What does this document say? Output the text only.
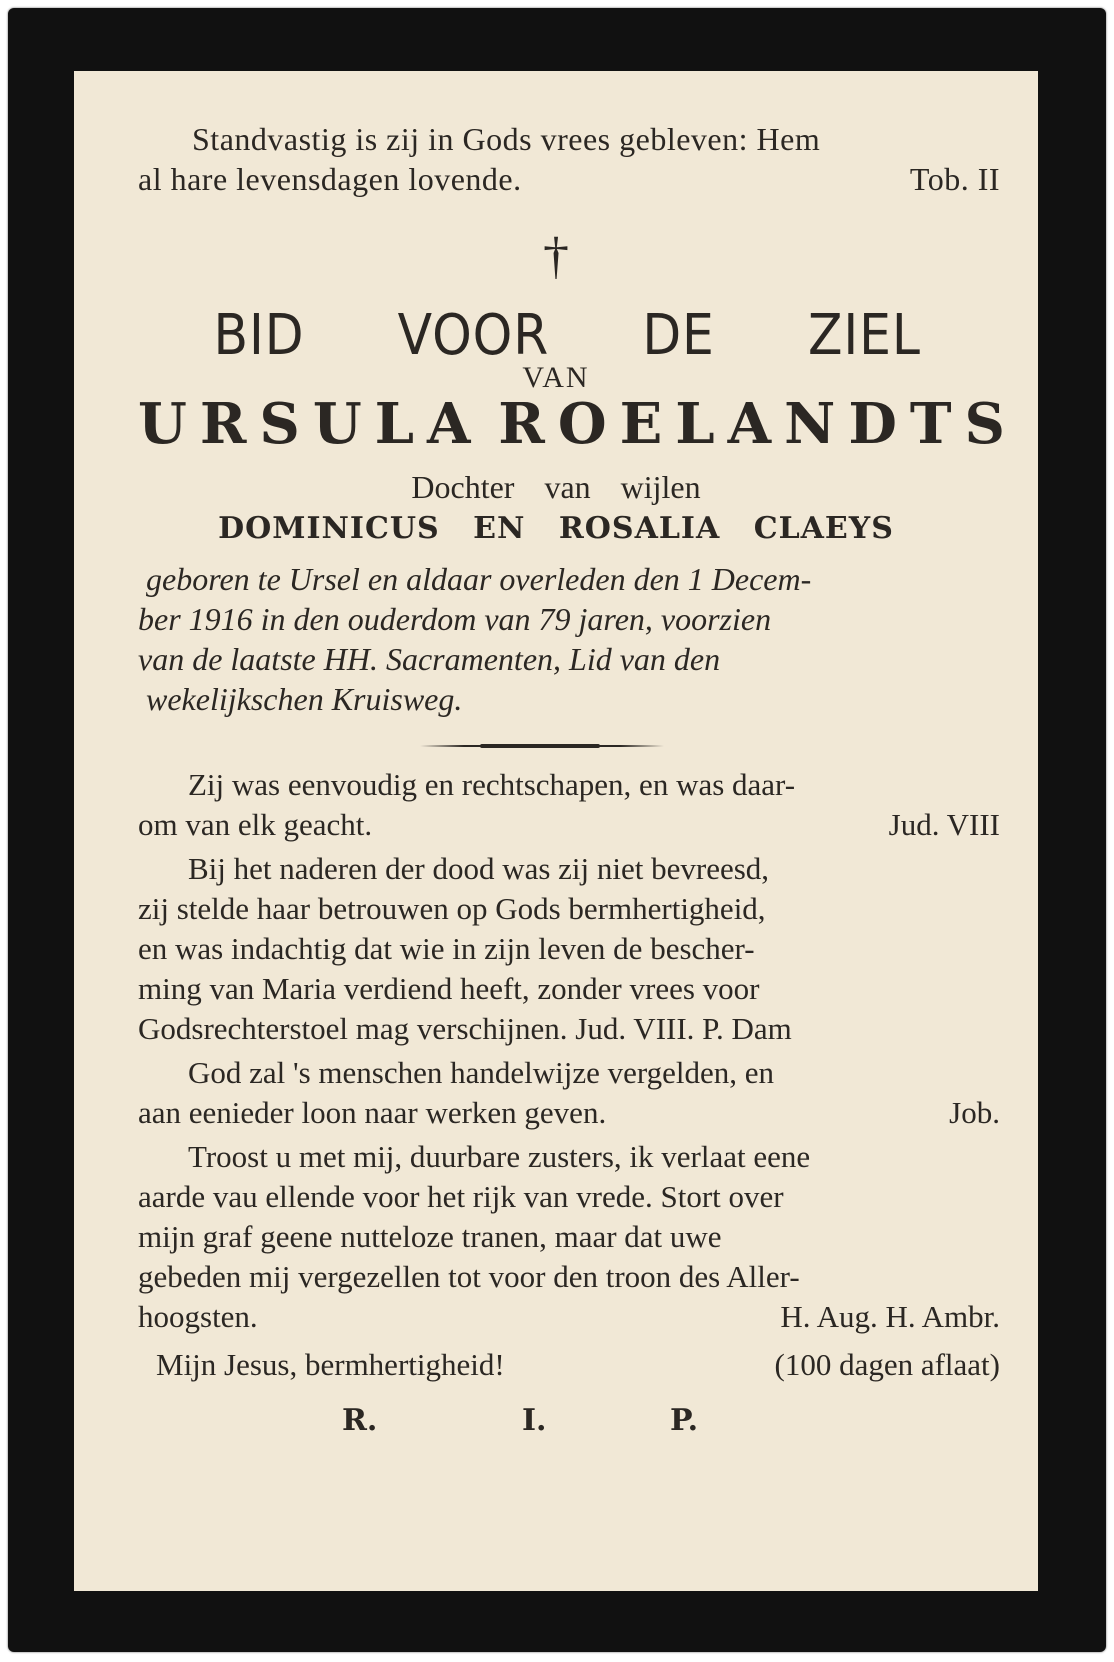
Standvastig is zij in Gods vrees gebleven: Hem
al hare levensdagen lovende.	Tob. II
†
BID VOOR DE ZIEL
VAN
URSULA ROELANDTS
Dochter van wijlen
DOMINICUS EN ROSALIA CLAEYS
geboren te Ursel en aldaar overleden den 1 Decem-
ber 1916 in den ouderdom van 79 jaren, voorzien
van de laatste HH. Sacramenten, Lid van den
wekelijkschen Kruisweg.
Zij was eenvoudig en rechtschapen, en was daar-
om van elk geacht.	Jud. VIII
Bij het naderen der dood was zij niet bevreesd,
zij stelde haar betrouwen op Gods bermhertigheid,
en was indachtig dat wie in zijn leven de bescher-
ming van Maria verdiend heeft, zonder vrees voor
Godsrechterstoel mag verschijnen. Jud. VIII. P. Dam
God zal 's menschen handelwijze vergelden, en
aan eenieder loon naar werken geven.	Job.
Troost u met mij, duurbare zusters, ik verlaat eene
aarde vau ellende voor het rijk van vrede. Stort over
mijn graf geene nutteloze tranen, maar dat uwe
gebeden mij vergezellen tot voor den troon des Aller-
hoogsten.	H. Aug. H. Ambr.
Mijn Jesus, bermhertigheid!	(100 dagen aflaat)
R.	I.	P.
